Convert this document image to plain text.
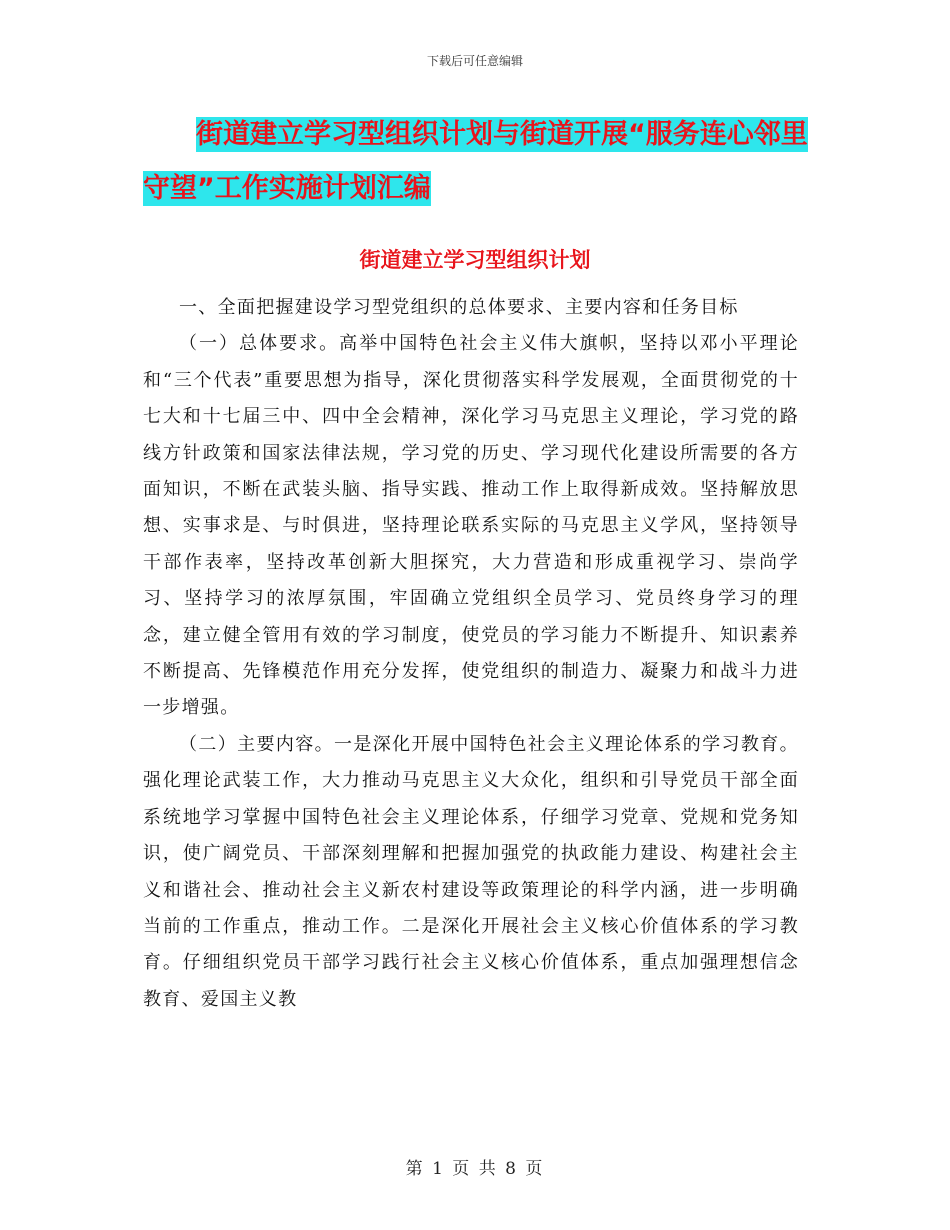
下载后可任意编辑
街道建立学习型组织计划与街道开展“服务连心邻里
守望”工作实施计划汇编
街道建立学习型组织计划

一、全面把握建设学习型党组织的总体要求、主要内容和任务目标

（一）总体要求。高举中国特色社会主义伟大旗帜，坚持以邓小平理论和“三个代表”重要思想为指导，深化贯彻落实科学发展观，全面贯彻党的十七大和十七届三中、四中全会精神，深化学习马克思主义理论，学习党的路线方针政策和国家法律法规，学习党的历史、学习现代化建设所需要的各方面知识，不断在武装头脑、指导实践、推动工作上取得新成效。坚持解放思想、实事求是、与时俱进，坚持理论联系实际的马克思主义学风，坚持领导干部作表率，坚持改革创新大胆探究，大力营造和形成重视学习、崇尚学习、坚持学习的浓厚氛围，牢固确立党组织全员学习、党员终身学习的理念，建立健全管用有效的学习制度，使党员的学习能力不断提升、知识素养不断提高、先锋模范作用充分发挥，使党组织的制造力、凝聚力和战斗力进一步增强。

（二）主要内容。一是深化开展中国特色社会主义理论体系的学习教育。强化理论武装工作，大力推动马克思主义大众化，组织和引导党员干部全面系统地学习掌握中国特色社会主义理论体系，仔细学习党章、党规和党务知识，使广阔党员、干部深刻理解和把握加强党的执政能力建设、构建社会主义和谐社会、推动社会主义新农村建设等政策理论的科学内涵，进一步明确当前的工作重点，推动工作。二是深化开展社会主义核心价值体系的学习教育。仔细组织党员干部学习践行社会主义核心价值体系，重点加强理想信念教育、爱国主义教

第 1 页 共 8 页
